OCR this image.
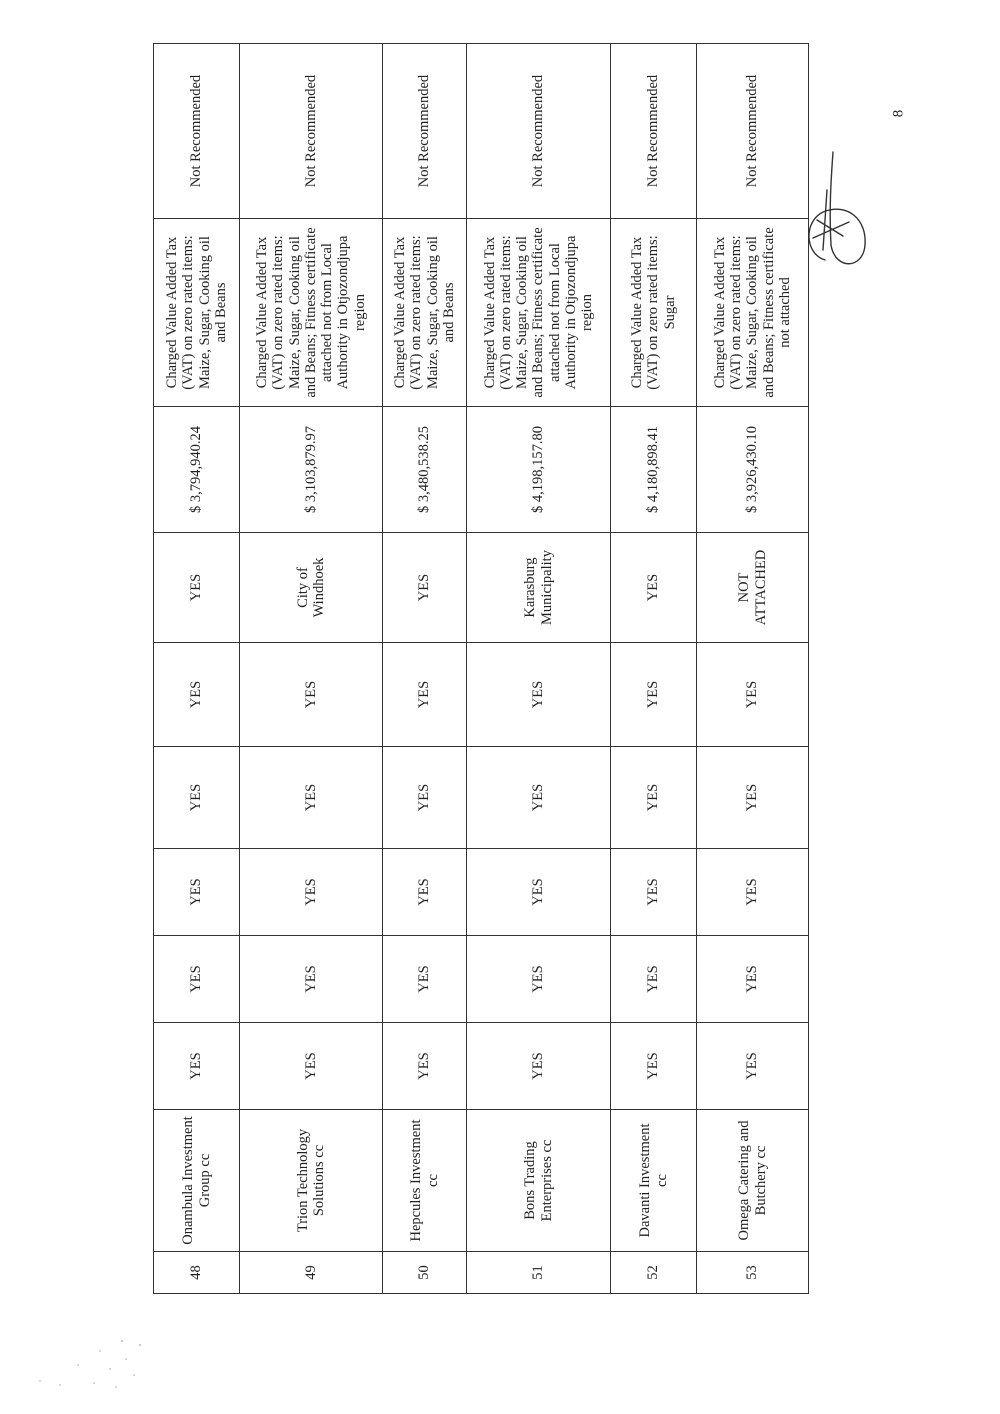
48	Onambula Investment Group cc	YES	YES	YES	YES	YES	YES	$ 3,794,940.24	Charged Value Added Tax (VAT) on zero rated items: Maize, Sugar, Cooking oil and Beans	Not Recommended
49	Trion Technology Solutions cc	YES	YES	YES	YES	YES	City of Windhoek	$ 3,103,879.97	Charged Value Added Tax (VAT) on zero rated items: Maize, Sugar, Cooking oil and Beans; Fitness certificate attached not from Local Authority in Otjozondjupa region	Not Recommended
50	Hepcules Investment cc	YES	YES	YES	YES	YES	YES	$ 3,480,538.25	Charged Value Added Tax (VAT) on zero rated items: Maize, Sugar, Cooking oil and Beans	Not Recommended
51	Bons Trading Enterprises cc	YES	YES	YES	YES	YES	Karasburg Municipality	$ 4,198,157.80	Charged Value Added Tax (VAT) on zero rated items: Maize, Sugar, Cooking oil and Beans; Fitness certificate attached not from Local Authority in Otjozondjupa region	Not Recommended
52	Davanti Investment cc	YES	YES	YES	YES	YES	YES	$ 4,180,898.41	Charged Value Added Tax (VAT) on zero rated items: Sugar	Not Recommended
53	Omega Catering and Butchery cc	YES	YES	YES	YES	YES	NOT ATTACHED	$ 3,926,430.10	Charged Value Added Tax (VAT) on zero rated items: Maize, Sugar, Cooking oil and Beans; Fitness certificate not attached	Not Recommended	8
